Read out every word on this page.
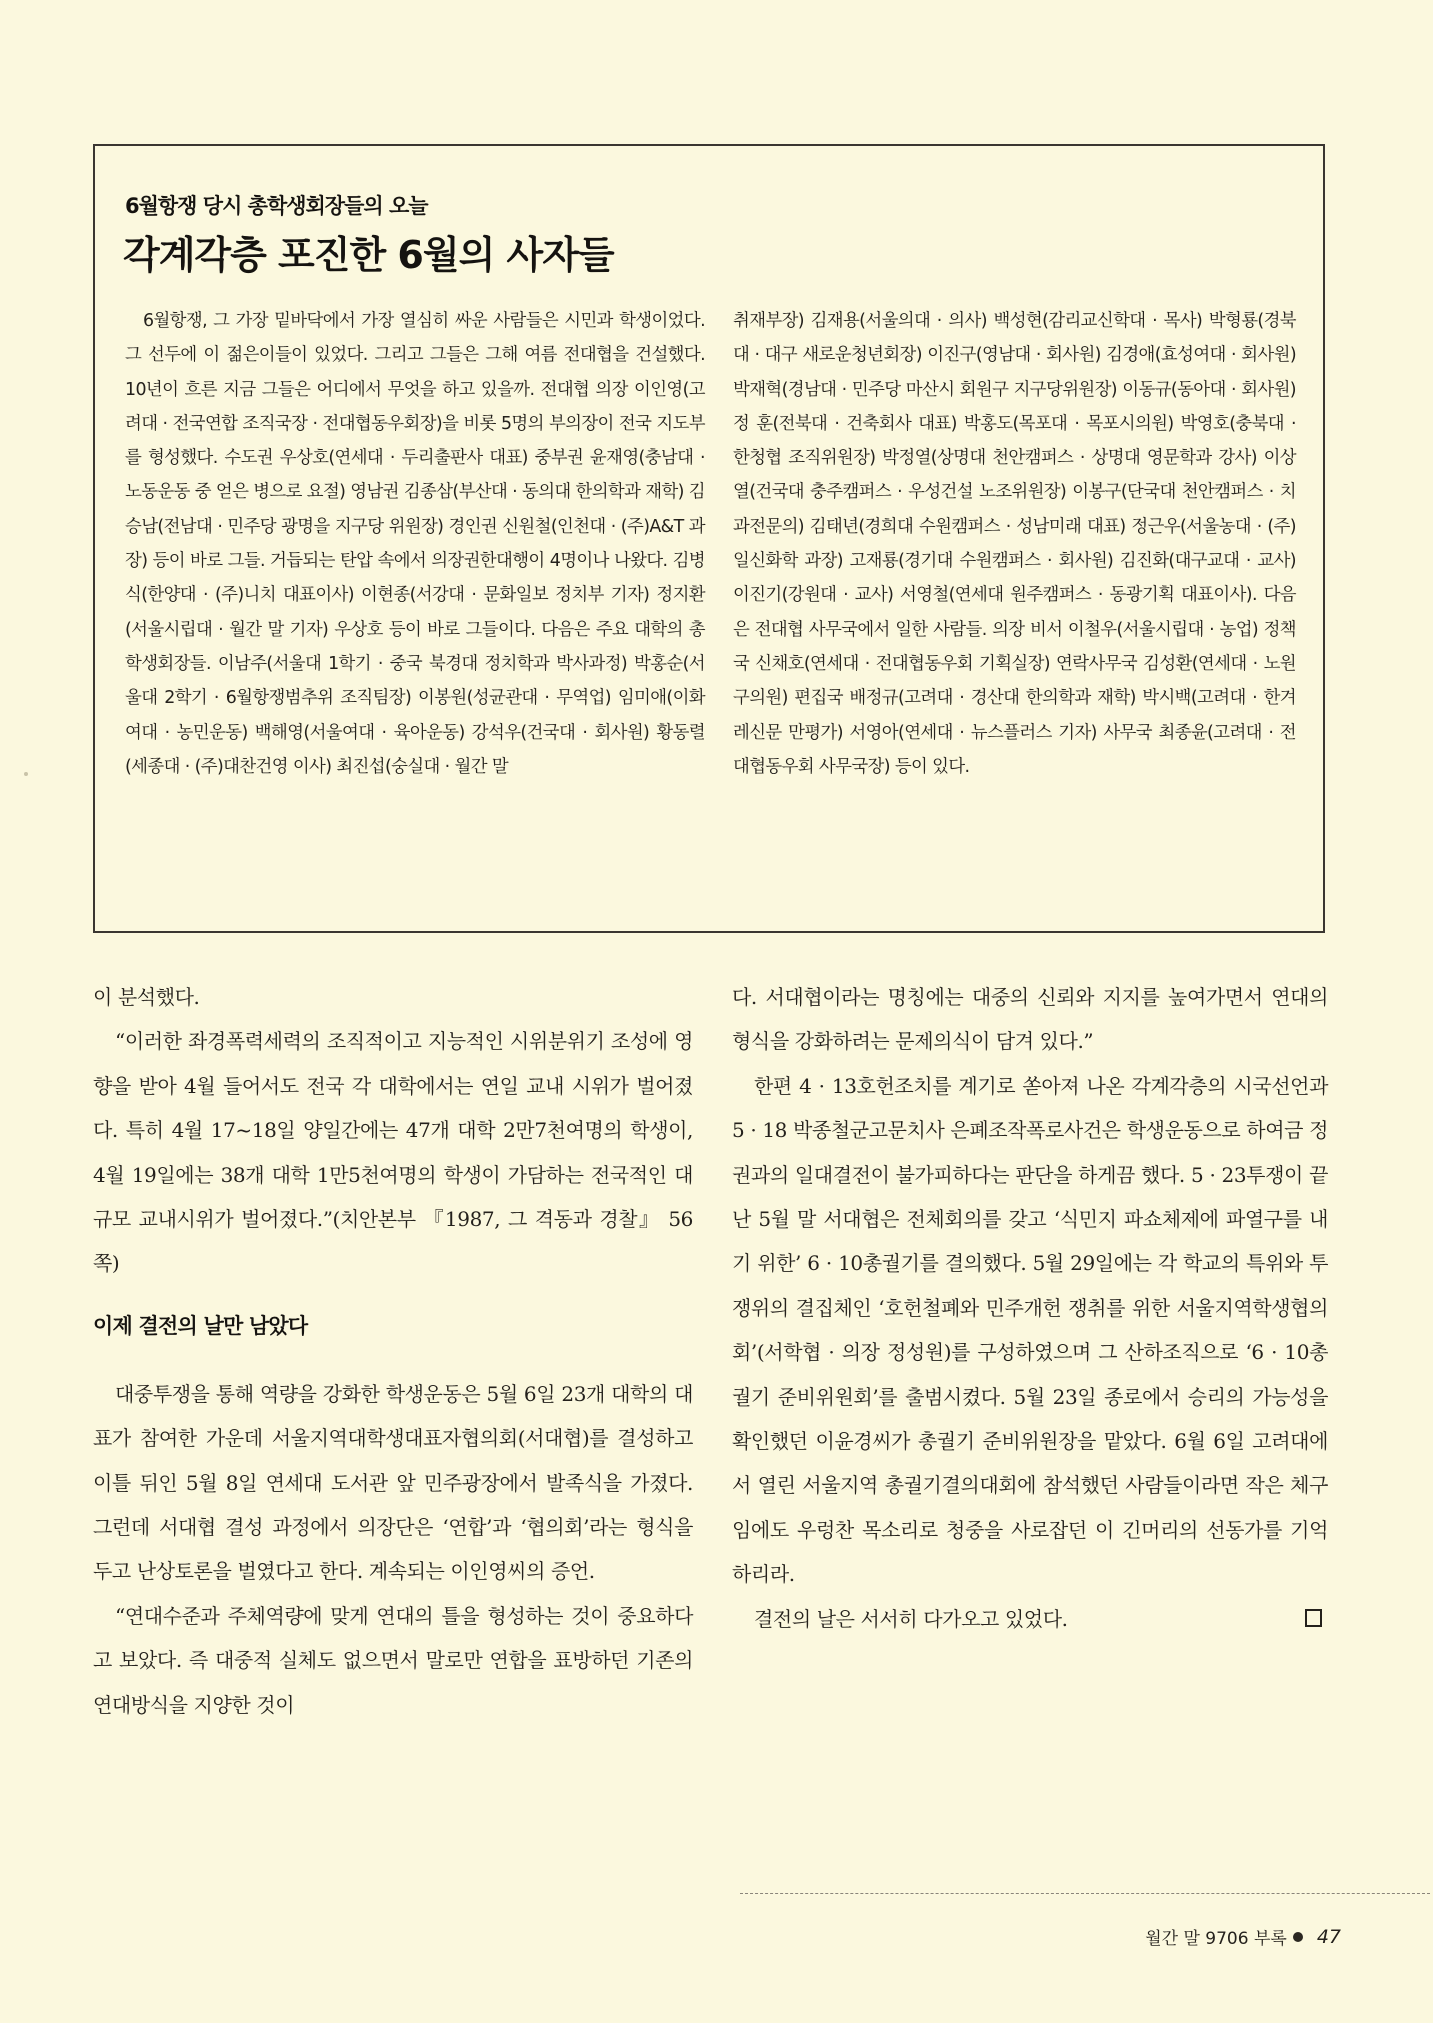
6월항쟁 당시 총학생회장들의 오늘
각계각층 포진한 6월의 사자들

6월항쟁, 그 가장 밑바닥에서 가장 열심히 싸운 사람들은 시민과 학생이었다. 그 선두에 이 젊은이들이 있었다. 그리고 그들은 그해 여름 전대협을 건설했다. 10년이 흐른 지금 그들은 어디에서 무엇을 하고 있을까. 전대협 의장 이인영(고려대 · 전국연합 조직국장 · 전대협동우회장)을 비롯 5명의 부의장이 전국 지도부를 형성했다. 수도권 우상호(연세대 · 두리출판사 대표) 중부권 윤재영(충남대 · 노동운동 중 얻은 병으로 요절) 영남권 김종삼(부산대 · 동의대 한의학과 재학) 김승남(전남대 · 민주당 광명을 지구당 위원장) 경인권 신원철(인천대 · (주)A&T 과장) 등이 바로 그들. 거듭되는 탄압 속에서 의장권한대행이 4명이나 나왔다. 김병식(한양대 · (주)니치 대표이사) 이현종(서강대 · 문화일보 정치부 기자) 정지환(서울시립대 · 월간 말 기자) 우상호 등이 바로 그들이다. 다음은 주요 대학의 총학생회장들. 이남주(서울대 1학기 · 중국 북경대 정치학과 박사과정) 박홍순(서울대 2학기 · 6월항쟁범추위 조직팀장) 이봉원(성균관대 · 무역업) 임미애(이화여대 · 농민운동) 백해영(서울여대 · 육아운동) 강석우(건국대 · 회사원) 황동렬(세종대 · (주)대찬건영 이사) 최진섭(숭실대 · 월간 말

취재부장) 김재용(서울의대 · 의사) 백성현(감리교신학대 · 목사) 박형룡(경북대 · 대구 새로운청년회장) 이진구(영남대 · 회사원) 김경애(효성여대 · 회사원) 박재혁(경남대 · 민주당 마산시 회원구 지구당위원장) 이동규(동아대 · 회사원) 정 훈(전북대 · 건축회사 대표) 박홍도(목포대 · 목포시의원) 박영호(충북대 · 한청협 조직위원장) 박정열(상명대 천안캠퍼스 · 상명대 영문학과 강사) 이상열(건국대 충주캠퍼스 · 우성건설 노조위원장) 이봉구(단국대 천안캠퍼스 · 치과전문의) 김태년(경희대 수원캠퍼스 · 성남미래 대표) 정근우(서울농대 · (주)일신화학 과장) 고재룡(경기대 수원캠퍼스 · 회사원) 김진화(대구교대 · 교사) 이진기(강원대 · 교사) 서영철(연세대 원주캠퍼스 · 동광기획 대표이사). 다음은 전대협 사무국에서 일한 사람들. 의장 비서 이철우(서울시립대 · 농업) 정책국 신채호(연세대 · 전대협동우회 기획실장) 연락사무국 김성환(연세대 · 노원구의원) 편집국 배정규(고려대 · 경산대 한의학과 재학) 박시백(고려대 · 한겨레신문 만평가) 서영아(연세대 · 뉴스플러스 기자) 사무국 최종윤(고려대 · 전대협동우회 사무국장) 등이 있다.

이 분석했다.

“이러한 좌경폭력세력의 조직적이고 지능적인 시위분위기 조성에 영향을 받아 4월 들어서도 전국 각 대학에서는 연일 교내 시위가 벌어졌다. 특히 4월 17~18일 양일간에는 47개 대학 2만7천여명의 학생이, 4월 19일에는 38개 대학 1만5천여명의 학생이 가담하는 전국적인 대규모 교내시위가 벌어졌다.”(치안본부 『1987, 그 격동과 경찰』 56쪽)

이제 결전의 날만 남았다

대중투쟁을 통해 역량을 강화한 학생운동은 5월 6일 23개 대학의 대표가 참여한 가운데 서울지역대학생대표자협의회(서대협)를 결성하고 이틀 뒤인 5월 8일 연세대 도서관 앞 민주광장에서 발족식을 가졌다. 그런데 서대협 결성 과정에서 의장단은 ‘연합’과 ‘협의회’라는 형식을 두고 난상토론을 벌였다고 한다. 계속되는 이인영씨의 증언.

“연대수준과 주체역량에 맞게 연대의 틀을 형성하는 것이 중요하다고 보았다. 즉 대중적 실체도 없으면서 말로만 연합을 표방하던 기존의 연대방식을 지양한 것이

다. 서대협이라는 명칭에는 대중의 신뢰와 지지를 높여가면서 연대의 형식을 강화하려는 문제의식이 담겨 있다.”

한편 4 · 13호헌조치를 계기로 쏟아져 나온 각계각층의 시국선언과 5 · 18 박종철군고문치사 은폐조작폭로사건은 학생운동으로 하여금 정권과의 일대결전이 불가피하다는 판단을 하게끔 했다. 5 · 23투쟁이 끝난 5월 말 서대협은 전체회의를 갖고 ‘식민지 파쇼체제에 파열구를 내기 위한’ 6 · 10총궐기를 결의했다. 5월 29일에는 각 학교의 특위와 투쟁위의 결집체인 ‘호헌철폐와 민주개헌 쟁취를 위한 서울지역학생협의회’(서학협 · 의장 정성원)를 구성하였으며 그 산하조직으로 ‘6 · 10총궐기 준비위원회’를 출범시켰다. 5월 23일 종로에서 승리의 가능성을 확인했던 이윤경씨가 총궐기 준비위원장을 맡았다. 6월 6일 고려대에서 열린 서울지역 총궐기결의대회에 참석했던 사람들이라면 작은 체구임에도 우렁찬 목소리로 청중을 사로잡던 이 긴머리의 선동가를 기억하리라.

결전의 날은 서서히 다가오고 있었다.

월간 말 9706 부록 47
